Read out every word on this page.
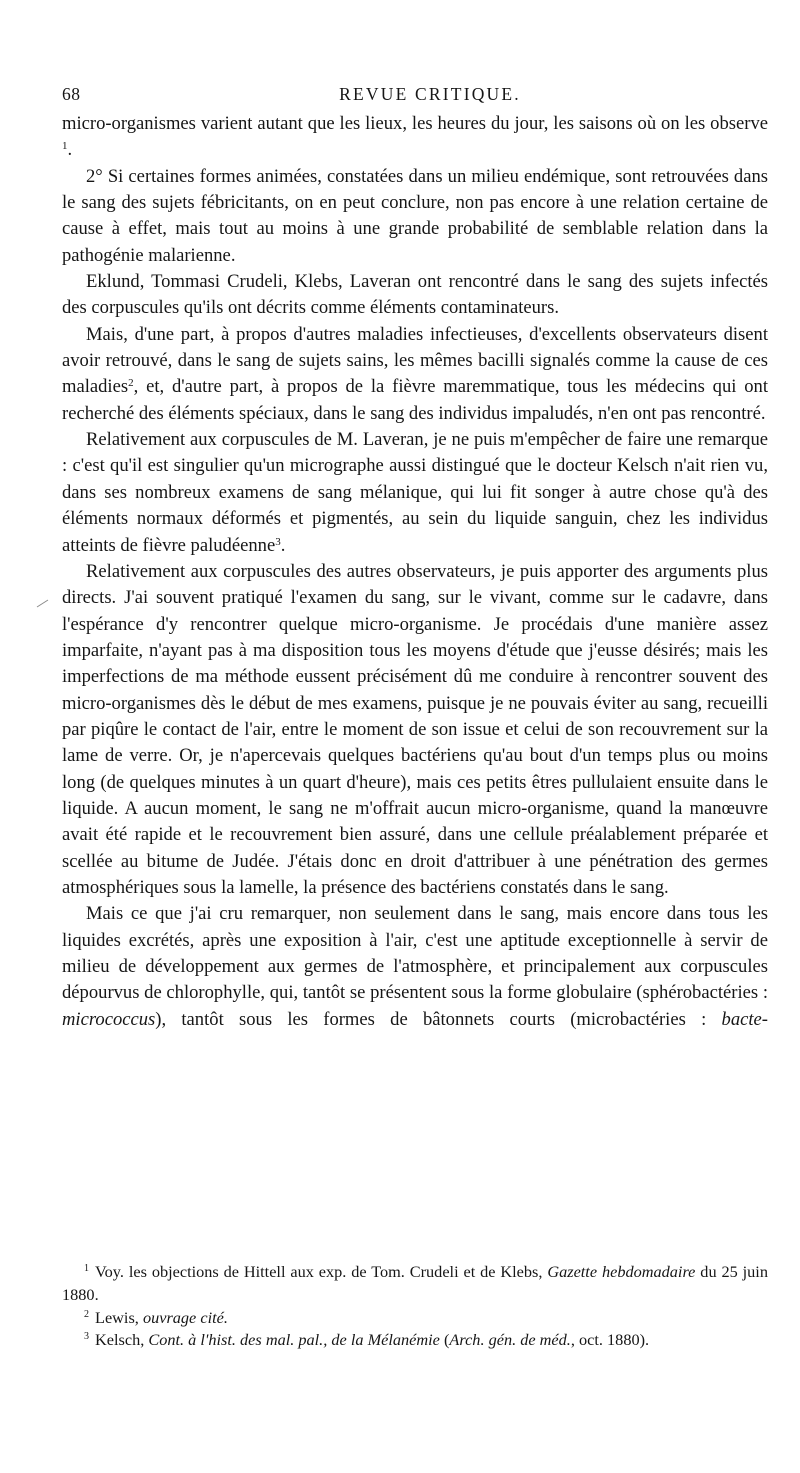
68	REVUE CRITIQUE.

micro-organismes varient autant que les lieux, les heures du jour, les saisons où on les observe $^1$.

2° Si certaines formes animées, constatées dans un milieu endémique, sont retrouvées dans le sang des sujets fébricitants, on en peut conclure, non pas encore à une relation certaine de cause à effet, mais tout au moins à une grande probabilité de semblable relation dans la pathogénie malarienne.

Eklund, Tommasi Crudeli, Klebs, Laveran ont rencontré dans le sang des sujets infectés des corpuscules qu'ils ont décrits comme éléments contaminateurs.

Mais, d'une part, à propos d'autres maladies infectieuses, d'excellents observateurs disent avoir retrouvé, dans le sang de sujets sains, les mêmes bacilli signalés comme la cause de ces maladies$^2$, et, d'autre part, à propos de la fièvre maremmatique, tous les médecins qui ont recherché des éléments spéciaux, dans le sang des individus impaludés, n'en ont pas rencontré.

Relativement aux corpuscules de M. Laveran, je ne puis m'empêcher de faire une remarque : c'est qu'il est singulier qu'un micrographe aussi distingué que le docteur Kelsch n'ait rien vu, dans ses nombreux examens de sang mélanique, qui lui fit songer à autre chose qu'à des éléments normaux déformés et pigmentés, au sein du liquide sanguin, chez les individus atteints de fièvre paludéenne$^3$.

Relativement aux corpuscules des autres observateurs, je puis apporter des arguments plus directs. J'ai souvent pratiqué l'examen du sang, sur le vivant, comme sur le cadavre, dans l'espérance d'y rencontrer quelque micro-organisme. Je procédais d'une manière assez imparfaite, n'ayant pas à ma disposition tous les moyens d'étude que j'eusse désirés; mais les imperfections de ma méthode eussent précisément dû me conduire à rencontrer souvent des micro-organismes dès le début de mes examens, puisque je ne pouvais éviter au sang, recueilli par piqûre le contact de l'air, entre le moment de son issue et celui de son recouvrement sur la lame de verre. Or, je n'apercevais quelques bactériens qu'au bout d'un temps plus ou moins long (de quelques minutes à un quart d'heure), mais ces petits êtres pullulaient ensuite dans le liquide. A aucun moment, le sang ne m'offrait aucun micro-organisme, quand la manœuvre avait été rapide et le recouvrement bien assuré, dans une cellule préalablement préparée et scellée au bitume de Judée. J'étais donc en droit d'attribuer à une pénétration des germes atmosphériques sous la lamelle, la présence des bactériens constatés dans le sang.

Mais ce que j'ai cru remarquer, non seulement dans le sang, mais encore dans tous les liquides excrétés, après une exposition à l'air, c'est une aptitude exceptionnelle à servir de milieu de développement aux germes de l'atmosphère, et principalement aux corpuscules dépourvus de chlorophylle, qui, tantôt se présentent sous la forme globulaire (sphérobactéries : micrococcus), tantôt sous les formes de bâtonnets courts (microbactéries : bacte-

$^1$ Voy. les objections de Hittell aux exp. de Tom. Crudeli et de Klebs, Gazette hebdomadaire du 25 juin 1880.

$^2$ Lewis, ouvrage cité.

$^3$ Kelsch, Cont. à l'hist. des mal. pal., de la Mélanémie (Arch. gén. de méd., oct. 1880).
